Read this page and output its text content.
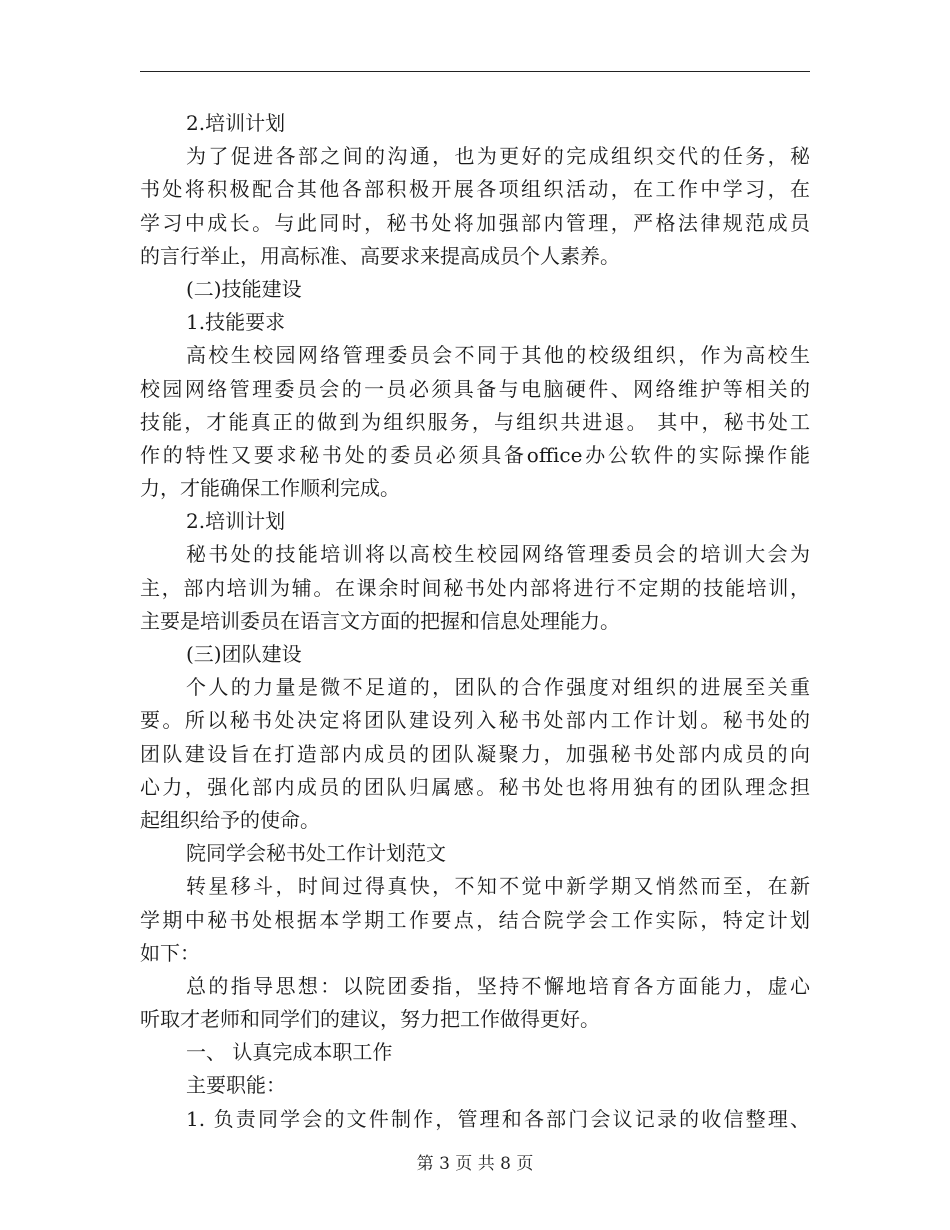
2.培训计划
为了促进各部之间的沟通，也为更好的完成组织交代的任务，秘
书处将积极配合其他各部积极开展各项组织活动，在工作中学习，在
学习中成长。与此同时，秘书处将加强部内管理，严格法律规范成员
的言行举止，用高标准、高要求来提高成员个人素养。
(二)技能建设
1.技能要求
高校生校园网络管理委员会不同于其他的校级组织，作为高校生
校园网络管理委员会的一员必须具备与电脑硬件、网络维护等相关的
技能，才能真正的做到为组织服务，与组织共进退。 其中，秘书处工
作的特性又要求秘书处的委员必须具备office办公软件的实际操作能
力，才能确保工作顺利完成。
2.培训计划
秘书处的技能培训将以高校生校园网络管理委员会的培训大会为
主，部内培训为辅。在课余时间秘书处内部将进行不定期的技能培训，
主要是培训委员在语言文方面的把握和信息处理能力。
(三)团队建设
个人的力量是微不足道的，团队的合作强度对组织的进展至关重
要。所以秘书处决定将团队建设列入秘书处部内工作计划。秘书处的
团队建设旨在打造部内成员的团队凝聚力，加强秘书处部内成员的向
心力，强化部内成员的团队归属感。秘书处也将用独有的团队理念担
起组织给予的使命。
院同学会秘书处工作计划范文
转星移斗，时间过得真快，不知不觉中新学期又悄然而至，在新
学期中秘书处根据本学期工作要点，结合院学会工作实际，特定计划
如下：
总的指导思想：以院团委指，坚持不懈地培育各方面能力，虚心
听取才老师和同学们的建议，努力把工作做得更好。
一、 认真完成本职工作
主要职能：
1. 负责同学会的文件制作，管理和各部门会议记录的收信整理、
第 3 页 共 8 页
